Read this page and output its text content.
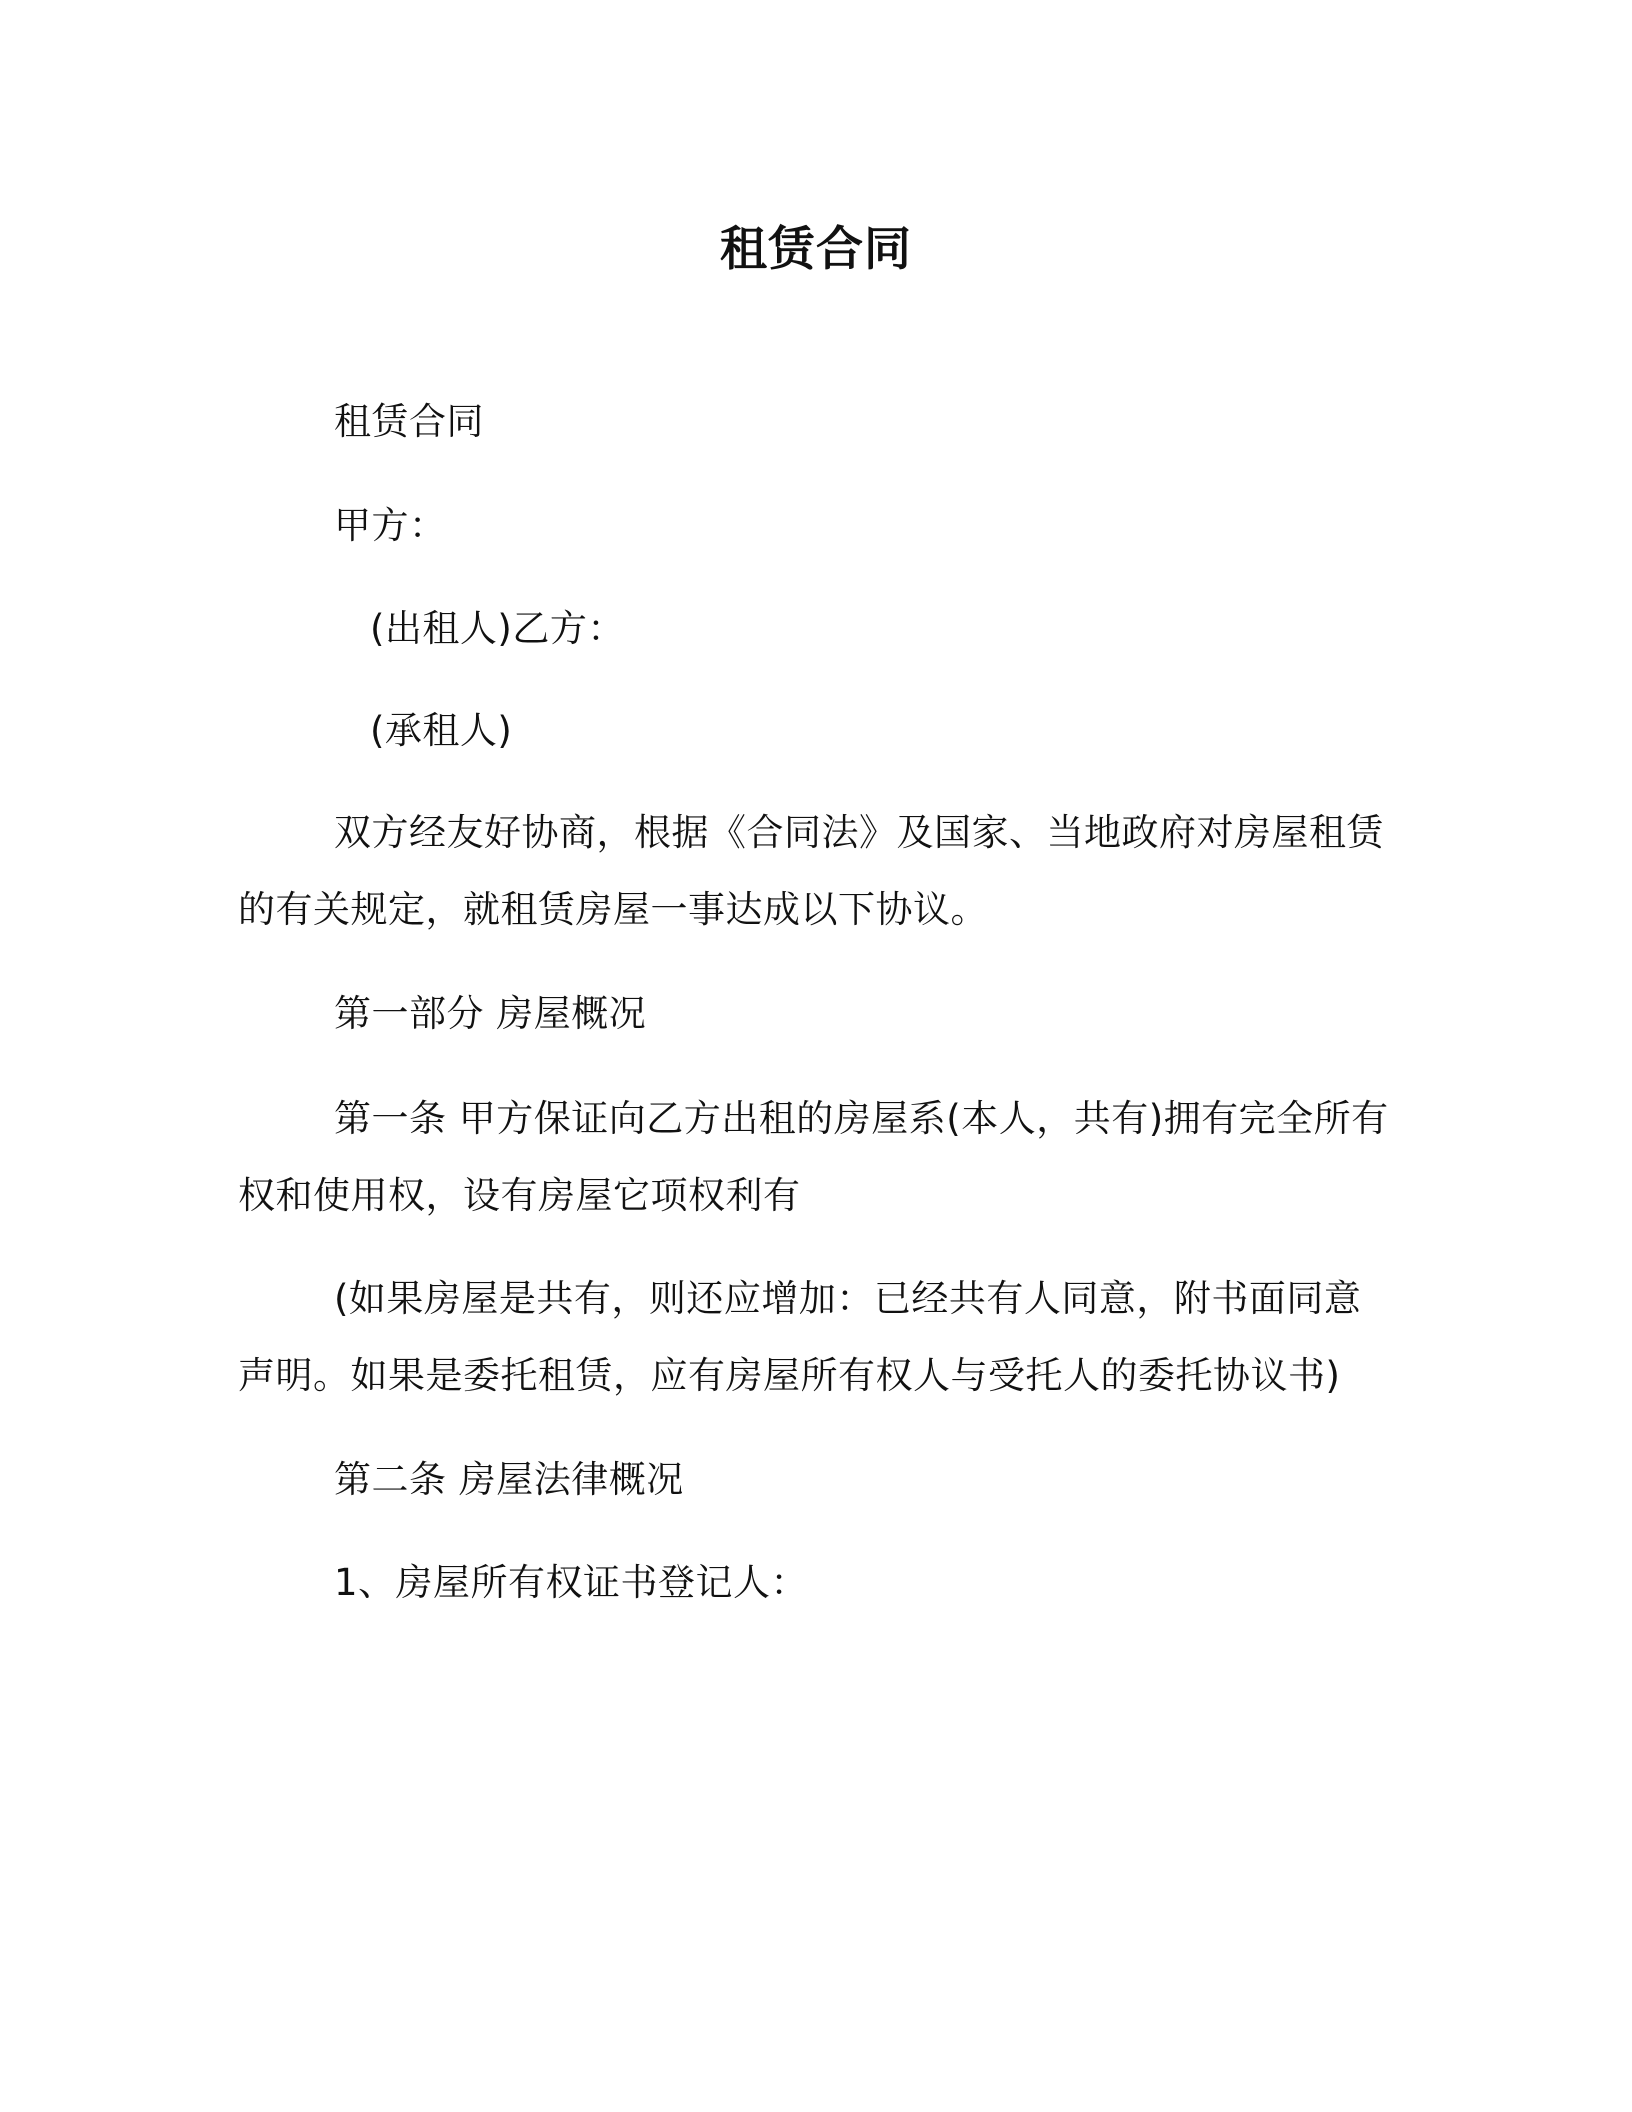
租赁合同
租赁合同
甲方：
(出租人)乙方：
(承租人)
双方经友好协商，根据《合同法》及国家、当地政府对房屋租赁
的有关规定，就租赁房屋一事达成以下协议。
第一部分 房屋概况
第一条 甲方保证向乙方出租的房屋系(本人，共有)拥有完全所有
权和使用权，设有房屋它项权利有
(如果房屋是共有，则还应增加：已经共有人同意，附书面同意
声明。如果是委托租赁，应有房屋所有权人与受托人的委托协议书)
第二条 房屋法律概况
1、房屋所有权证书登记人：
